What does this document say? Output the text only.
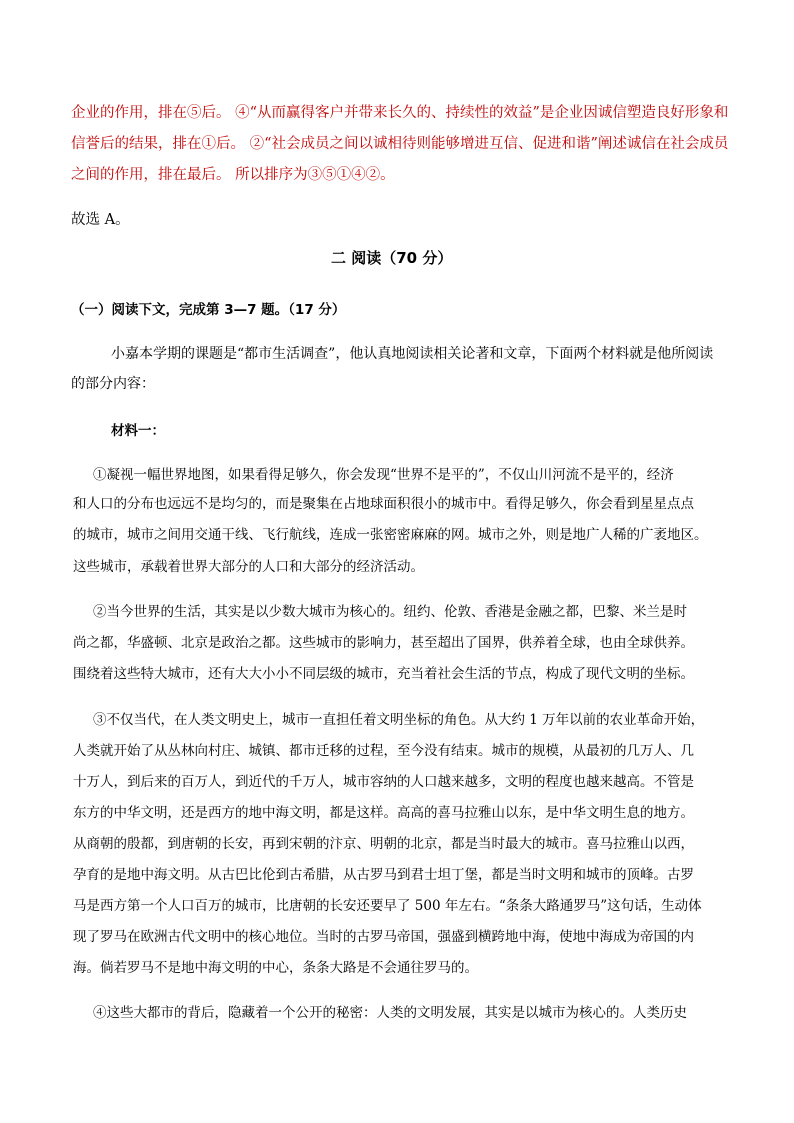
企业的作用，排在⑤后。 ④“从而赢得客户并带来长久的、持续性的效益”是企业因诚信塑造良好形象和
信誉后的结果，排在①后。 ②“社会成员之间以诚相待则能够增进互信、促进和谐”阐述诚信在社会成员
之间的作用，排在最后。 所以排序为③⑤①④②。
故选 A。
二 阅读（70 分）
（一）阅读下文，完成第 3—7 题。（17 分）
小嘉本学期的课题是“都市生活调查”，他认真地阅读相关论著和文章，下面两个材料就是他所阅读
的部分内容：
材料一：
①凝视一幅世界地图，如果看得足够久，你会发现“世界不是平的”，不仅山川河流不是平的，经济
和人口的分布也远远不是均匀的，而是聚集在占地球面积很小的城市中。看得足够久，你会看到星星点点
的城市，城市之间用交通干线、飞行航线，连成一张密密麻麻的网。城市之外，则是地广人稀的广袤地区。
这些城市，承载着世界大部分的人口和大部分的经济活动。
②当今世界的生活，其实是以少数大城市为核心的。纽约、伦敦、香港是金融之都，巴黎、米兰是时
尚之都，华盛顿、北京是政治之都。这些城市的影响力，甚至超出了国界，供养着全球，也由全球供养。
围绕着这些特大城市，还有大大小小不同层级的城市，充当着社会生活的节点，构成了现代文明的坐标。
③不仅当代，在人类文明史上，城市一直担任着文明坐标的角色。从大约 1 万年以前的农业革命开始，
人类就开始了从丛林向村庄、城镇、都市迁移的过程，至今没有结束。城市的规模，从最初的几万人、几
十万人，到后来的百万人，到近代的千万人，城市容纳的人口越来越多，文明的程度也越来越高。不管是
东方的中华文明，还是西方的地中海文明，都是这样。高高的喜马拉雅山以东，是中华文明生息的地方。
从商朝的殷都，到唐朝的长安，再到宋朝的汴京、明朝的北京，都是当时最大的城市。喜马拉雅山以西，
孕育的是地中海文明。从古巴比伦到古希腊，从古罗马到君士坦丁堡，都是当时文明和城市的顶峰。古罗
马是西方第一个人口百万的城市，比唐朝的长安还要早了 500 年左右。“条条大路通罗马”这句话，生动体
现了罗马在欧洲古代文明中的核心地位。当时的古罗马帝国，强盛到横跨地中海，使地中海成为帝国的内
海。倘若罗马不是地中海文明的中心，条条大路是不会通往罗马的。
④这些大都市的背后，隐藏着一个公开的秘密：人类的文明发展，其实是以城市为核心的。人类历史
